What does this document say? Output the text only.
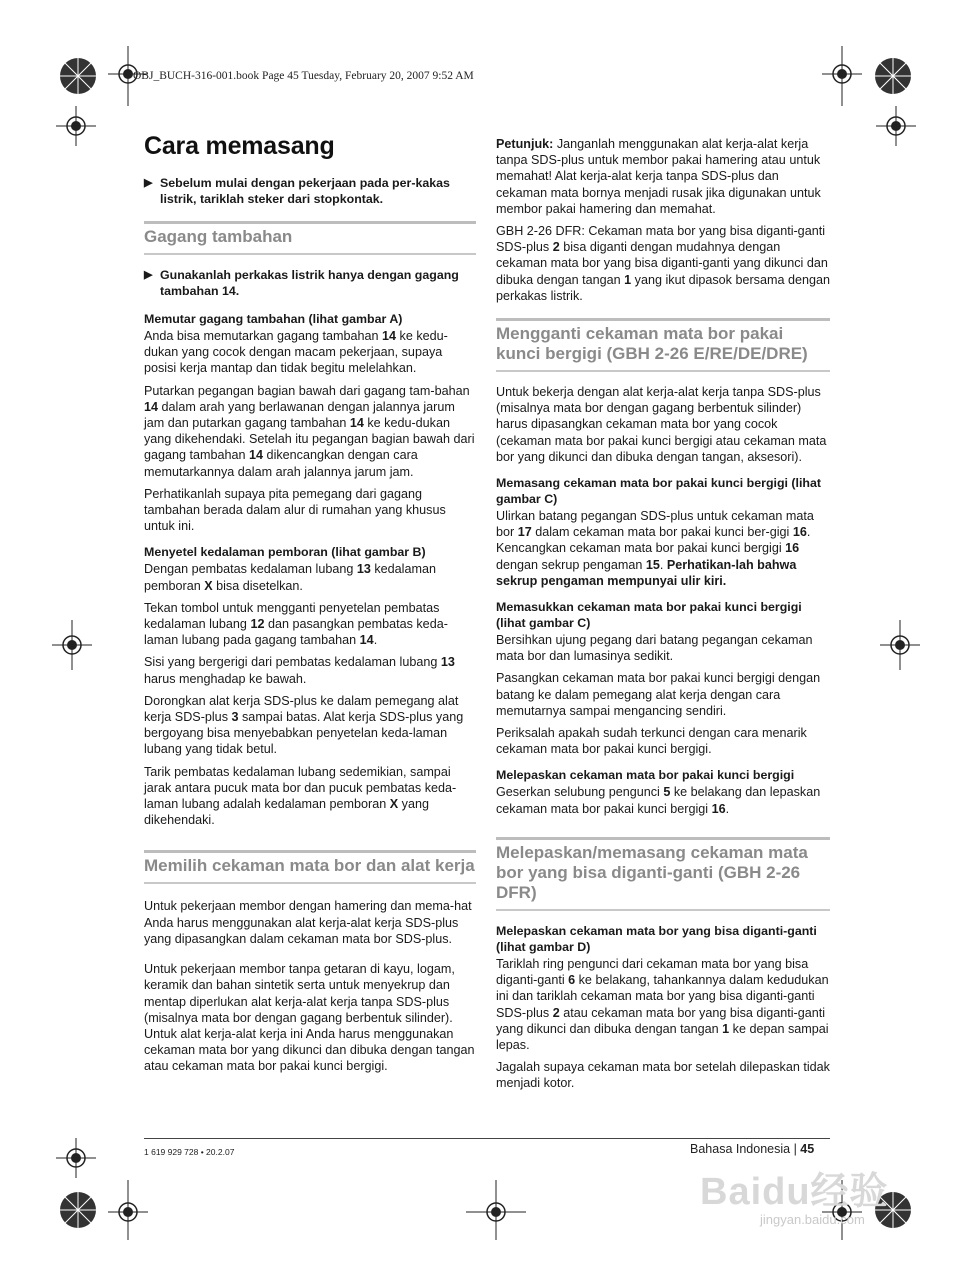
OBJ_BUCH-316-001.book Page 45 Tuesday, February 20, 2007 9:52 AM
Cara memasang
▶ Sebelum mulai dengan pekerjaan pada per-kakas listrik, tariklah steker dari stopkontak.
Gagang tambahan
▶ Gunakanlah perkakas listrik hanya dengan gagang tambahan 14.
Memutar gagang tambahan (lihat gambar A)

Anda bisa memutarkan gagang tambahan 14 ke kedu-dukan yang cocok dengan macam pekerjaan, supaya posisi kerja mantap dan tidak begitu melelahkan.

Putarkan pegangan bagian bawah dari gagang tam-bahan 14 dalam arah yang berlawanan dengan jalannya jarum jam dan putarkan gagang tambahan 14 ke kedu-dukan yang dikehendaki. Setelah itu pegangan bagian bawah dari gagang tambahan 14 dikencangkan dengan cara memutarkannya dalam arah jalannya jarum jam.

Perhatikanlah supaya pita pemegang dari gagang tambahan berada dalam alur di rumahan yang khusus untuk ini.

Menyetel kedalaman pemboran (lihat gambar B)

Dengan pembatas kedalaman lubang 13 kedalaman pemboran X bisa disetelkan.

Tekan tombol untuk mengganti penyetelan pembatas kedalaman lubang 12 dan pasangkan pembatas keda-laman lubang pada gagang tambahan 14.

Sisi yang bergerigi dari pembatas kedalaman lubang 13 harus menghadap ke bawah.

Dorongkan alat kerja SDS-plus ke dalam pemegang alat kerja SDS-plus 3 sampai batas. Alat kerja SDS-plus yang bergoyang bisa menyebabkan penyetelan keda-laman lubang yang tidak betul.

Tarik pembatas kedalaman lubang sedemikian, sampai jarak antara pucuk mata bor dan pucuk pembatas keda-laman lubang adalah kedalaman pemboran X yang dikehendaki.

Memilih cekaman mata bor dan alat kerja

Untuk pekerjaan membor dengan hamering dan mema-hat Anda harus menggunakan alat kerja-alat kerja SDS-plus yang dipasangkan dalam cekaman mata bor SDS-plus.

Untuk pekerjaan membor tanpa getaran di kayu, logam, keramik dan bahan sintetik serta untuk menyekrup dan mentap diperlukan alat kerja-alat kerja tanpa SDS-plus (misalnya mata bor dengan gagang berbentuk silinder). Untuk alat kerja-alat kerja ini Anda harus menggunakan cekaman mata bor yang dikunci dan dibuka dengan tangan atau cekaman mata bor pakai kunci bergigi.

Petunjuk: Janganlah menggunakan alat kerja-alat kerja tanpa SDS-plus untuk membor pakai hamering atau untuk memahat! Alat kerja-alat kerja tanpa SDS-plus dan cekaman mata bornya menjadi rusak jika digunakan untuk membor pakai hamering dan memahat.

GBH 2-26 DFR: Cekaman mata bor yang bisa diganti-ganti SDS-plus 2 bisa diganti dengan mudahnya dengan cekaman mata bor yang bisa diganti-ganti yang dikunci dan dibuka dengan tangan 1 yang ikut dipasok bersama dengan perkakas listrik.

Mengganti cekaman mata bor pakai kunci bergigi (GBH 2-26 E/RE/DE/DRE)

Untuk bekerja dengan alat kerja-alat kerja tanpa SDS-plus (misalnya mata bor dengan gagang berbentuk silinder) harus dipasangkan cekaman mata bor yang cocok (cekaman mata bor pakai kunci bergigi atau cekaman mata bor yang dikunci dan dibuka dengan tangan, aksesori).

Memasang cekaman mata bor pakai kunci bergigi (lihat gambar C)

Ulirkan batang pegangan SDS-plus untuk cekaman mata bor 17 dalam cekaman mata bor pakai kunci ber-gigi 16. Kencangkan cekaman mata bor pakai kunci bergigi 16 dengan sekrup pengaman 15. Perhatikan-lah bahwa sekrup pengaman mempunyai ulir kiri.

Memasukkan cekaman mata bor pakai kunci bergigi (lihat gambar C)

Bersihkan ujung pegang dari batang pegangan cekaman mata bor dan lumasinya sedikit.

Pasangkan cekaman mata bor pakai kunci bergigi dengan batang ke dalam pemegang alat kerja dengan cara memutarnya sampai mengancing sendiri.

Periksalah apakah sudah terkunci dengan cara menarik cekaman mata bor pakai kunci bergigi.

Melepaskan cekaman mata bor pakai kunci bergigi

Geserkan selubung pengunci 5 ke belakang dan lepaskan cekaman mata bor pakai kunci bergigi 16.

Melepaskan/memasang cekaman mata bor yang bisa diganti-ganti (GBH 2-26 DFR)
Melepaskan cekaman mata bor yang bisa diganti-ganti (lihat gambar D)

Tariklah ring pengunci dari cekaman mata bor yang bisa diganti-ganti 6 ke belakang, tahankannya dalam kedudukan ini dan tariklah cekaman mata bor yang bisa diganti-ganti SDS-plus 2 atau cekaman mata bor yang bisa diganti-ganti yang dikunci dan dibuka dengan tangan 1 ke depan sampai lepas.

Jagalah supaya cekaman mata bor setelah dilepaskan tidak menjadi kotor.

1 619 929 728 • 20.2.07	Bahasa Indonesia | 45
Baidu经验
jingyan.baidu.com
